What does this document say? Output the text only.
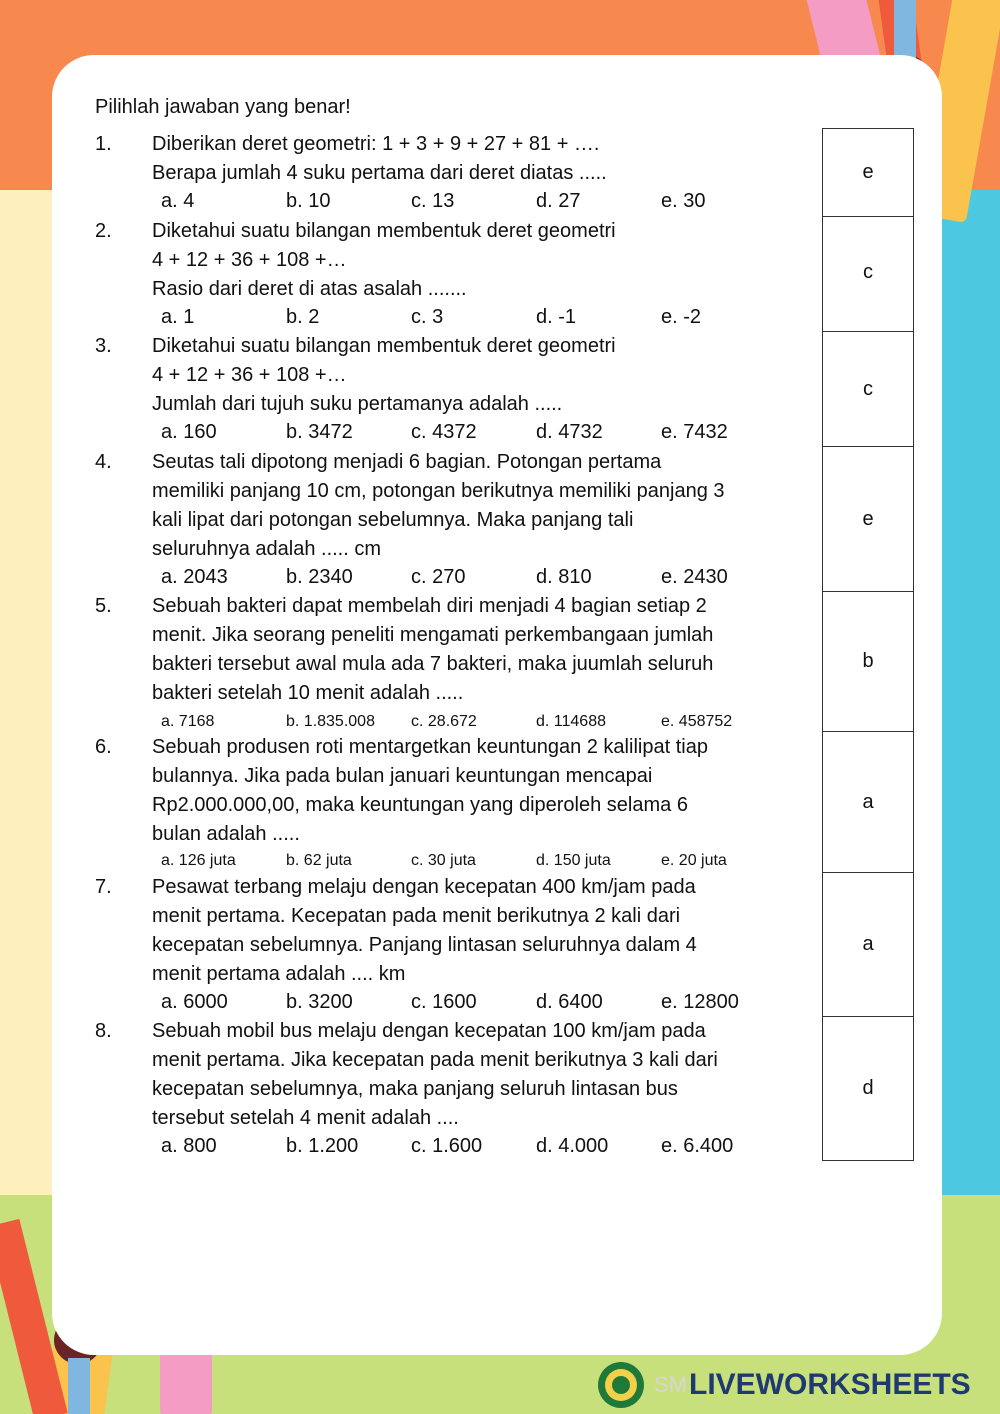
Pilihlah jawaban yang benar!
1. Diberikan deret geometri: 1 + 3 + 9 + 27 + 81 + ….
Berapa jumlah 4 suku pertama dari deret diatas .....
a. 4	b. 10	c. 13	d. 27	e. 30
2. Diketahui suatu bilangan membentuk deret geometri
4 + 12 + 36 + 108 +…
Rasio dari deret di atas asalah .......
a. 1	b. 2	c. 3	d. -1	e. -2
3. Diketahui suatu bilangan membentuk deret geometri
4 + 12 + 36 + 108 +…
Jumlah dari tujuh suku pertamanya adalah .....
a. 160	b. 3472	c. 4372	d. 4732	e. 7432
4. Seutas tali dipotong menjadi 6 bagian. Potongan pertama
memiliki panjang 10 cm, potongan berikutnya memiliki panjang 3
kali lipat dari potongan sebelumnya. Maka panjang tali
seluruhnya adalah ..... cm
a. 2043	b. 2340	c. 270	d. 810	e. 2430
5. Sebuah bakteri dapat membelah diri menjadi 4 bagian setiap 2
menit. Jika seorang peneliti mengamati perkembangaan jumlah
bakteri tersebut awal mula ada 7 bakteri, maka juumlah seluruh
bakteri setelah 10 menit adalah .....
a. 7168	b. 1.835.008 c. 28.672	d. 114688	e. 458752
6. Sebuah produsen roti mentargetkan keuntungan 2 kalilipat tiap
bulannya. Jika pada bulan januari keuntungan mencapai
Rp2.000.000,00, maka keuntungan yang diperoleh selama 6
bulan adalah .....
a. 126 juta	b. 62 juta	c. 30 juta	d. 150 juta	e. 20 juta
7. Pesawat terbang melaju dengan kecepatan 400 km/jam pada
menit pertama. Kecepatan pada menit berikutnya 2 kali dari
kecepatan sebelumnya. Panjang lintasan seluruhnya dalam 4
menit pertama adalah .... km
a. 6000	b. 3200	c. 1600	d. 6400	e. 12800
8. Sebuah mobil bus melaju dengan kecepatan 100 km/jam pada
menit pertama. Jika kecepatan pada menit berikutnya 3 kali dari
kecepatan sebelumnya, maka panjang seluruh lintasan bus
tersebut setelah 4 menit adalah ....
a. 800	b. 1.200	c. 1.600	d. 4.000	e. 6.400
e
c
c
e
b
a
a
d
SM LIVEWORKSHEETS
